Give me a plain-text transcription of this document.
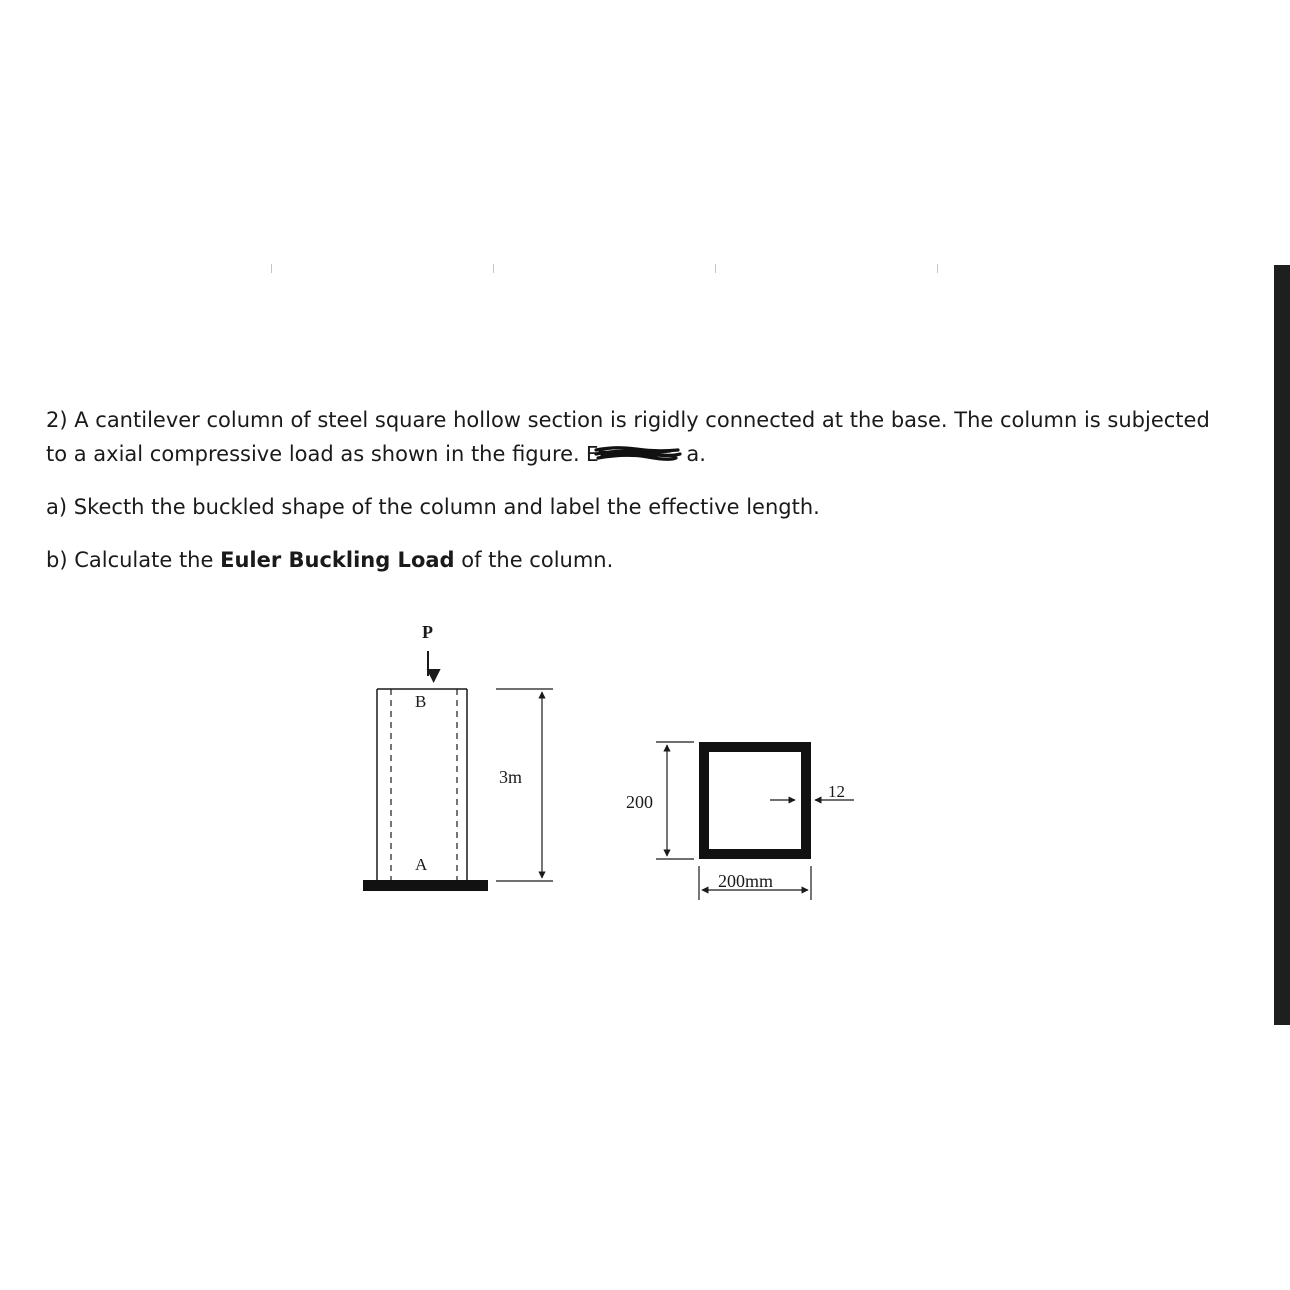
2) A cantilever column of steel square hollow section is rigidly connected at the base. The column is subjected to a axial compressive load as shown in the figure. E	a.

a) Skecth the buckled shape of the column and label the effective length.

b) Calculate the Euler Buckling Load of the column.

P
B
A
3m
200
200mm
12
